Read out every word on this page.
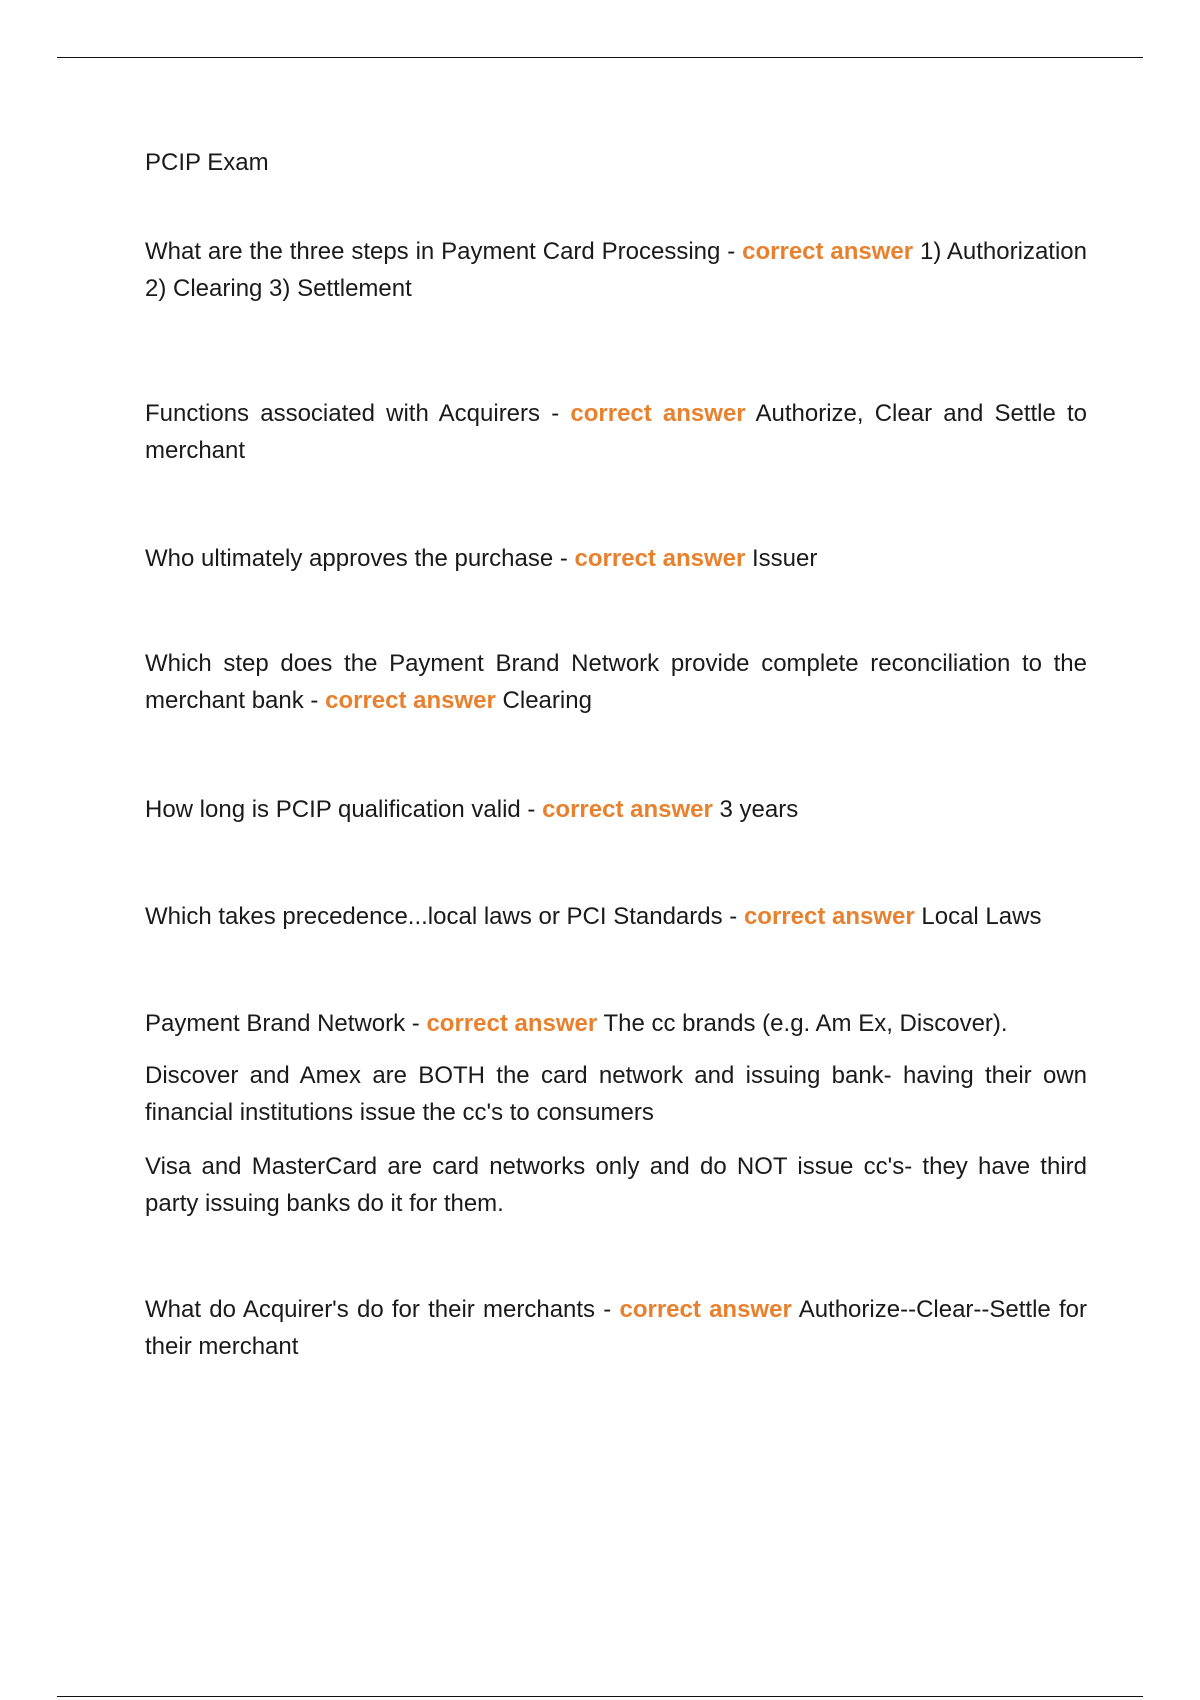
PCIP Exam

What are the three steps in Payment Card Processing - correct answer 1) Authorization 2) Clearing 3) Settlement

Functions associated with Acquirers - correct answer Authorize, Clear and Settle to merchant

Who ultimately approves the purchase - correct answer Issuer

Which step does the Payment Brand Network provide complete reconciliation to the merchant bank - correct answer Clearing

How long is PCIP qualification valid - correct answer 3 years

Which takes precedence...local laws or PCI Standards - correct answer Local Laws

Payment Brand Network - correct answer The cc brands (e.g. Am Ex, Discover).

Discover and Amex are BOTH the card network and issuing bank- having their own financial institutions issue the cc's to consumers

Visa and MasterCard are card networks only and do NOT issue cc's- they have third party issuing banks do it for them.

What do Acquirer's do for their merchants - correct answer Authorize--Clear--Settle for their merchant
